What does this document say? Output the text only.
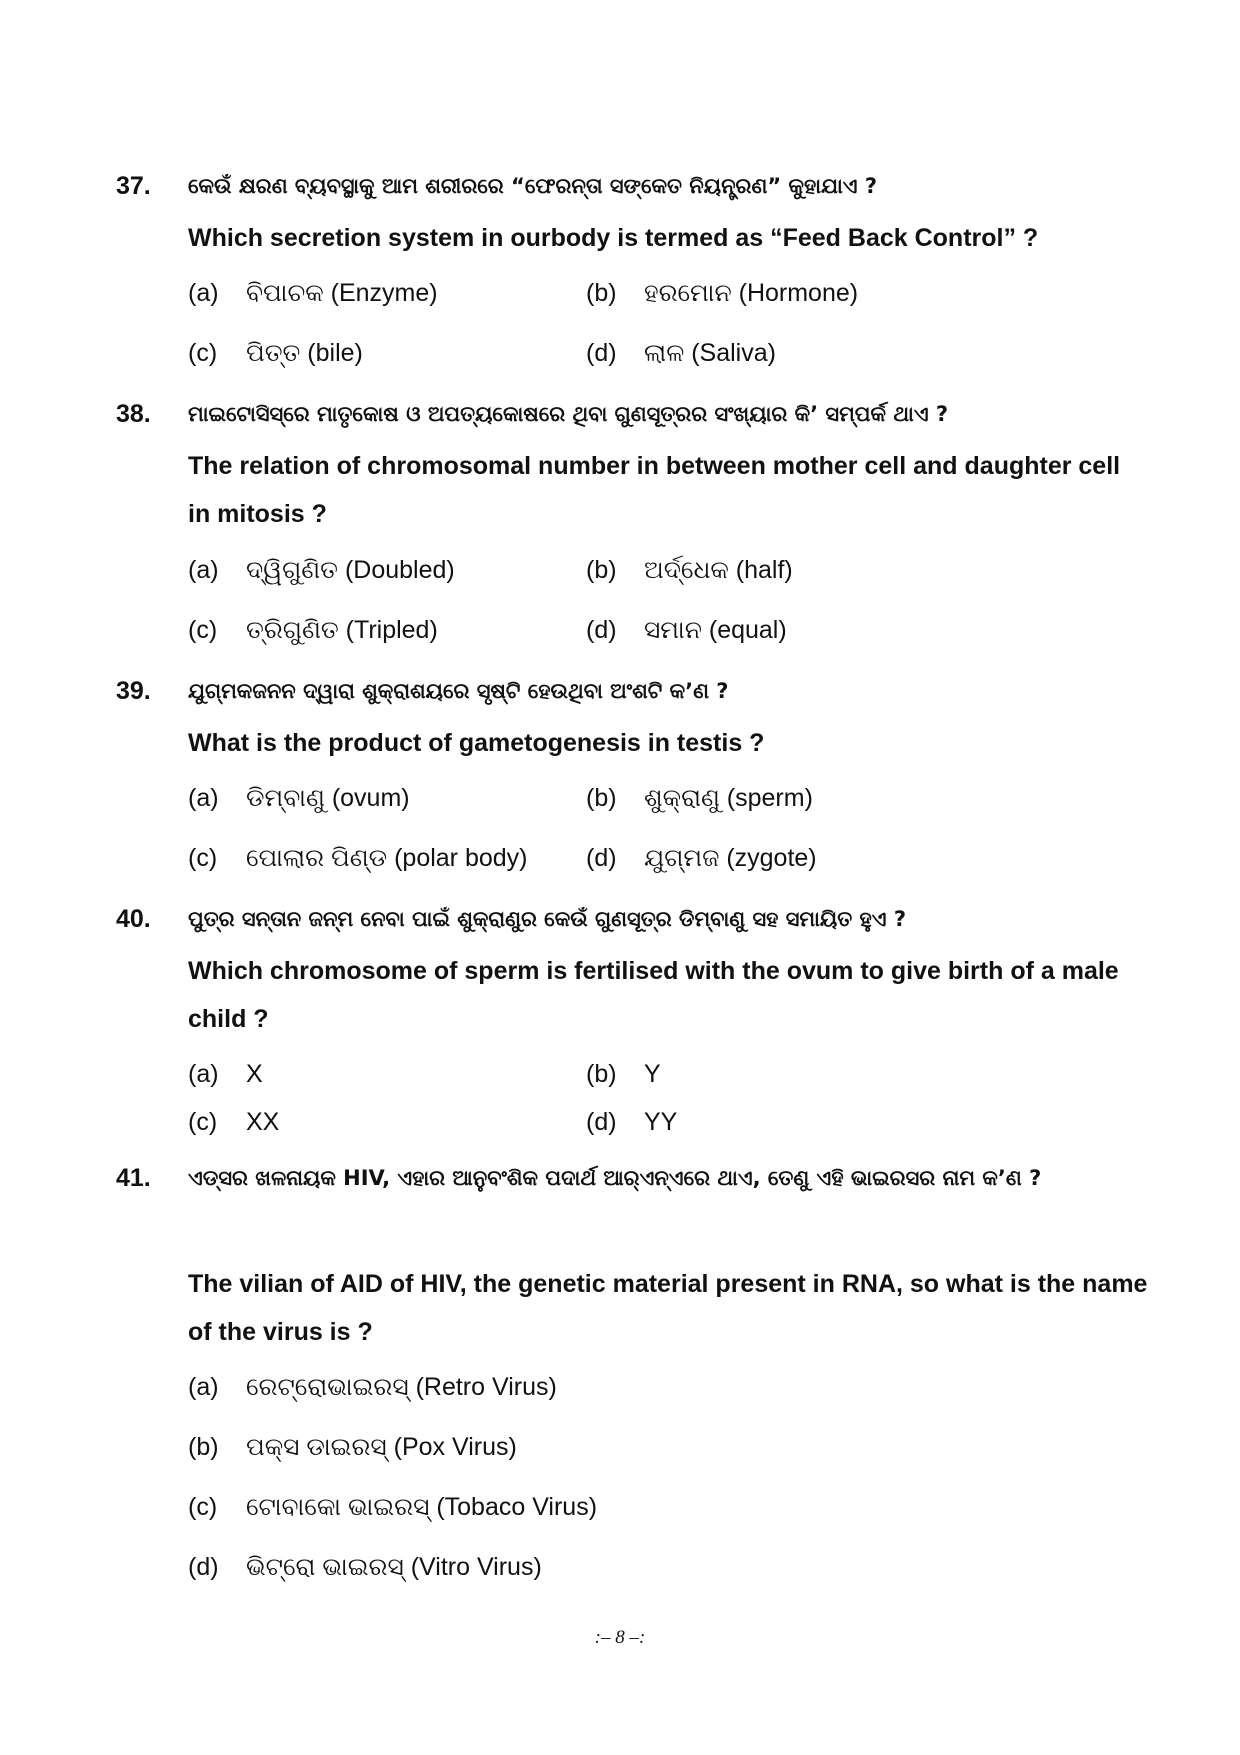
37. କେଉଁ କ୍ଷରଣ ବ୍ୟବସ୍ଥାକୁ ଆମ ଶରୀରରେ “ଫେରନ୍ତା ସଙ୍କେତ ନିୟନ୍ତ୍ରଣ” କୁହାଯାଏ ?
Which secretion system in ourbody is termed as “Feed Back Control” ?
(a) ବିପାଚକ (Enzyme)	(b) ହରମୋନ (Hormone)
(c) ପିତ୍ତ (bile)	(d) ଲାଳ (Saliva)
38. ମାଇଟୋସିସ୍‌ରେ ମାତୃକୋଷ ଓ ଅପତ୍ୟକୋଷରେ ଥିବା ଗୁଣସୂତ୍ରର ସଂଖ୍ୟାର କି’ ସମ୍ପର୍କ ଥାଏ ?
The relation of chromosomal number in between mother cell and daughter cell in mitosis ?
(a) ଦ୍ୱିଗୁଣିତ (Doubled)	(b) ଅର୍ଦ୍ଧେକ (half)
(c) ତ୍ରିଗୁଣିତ (Tripled)	(d) ସମାନ (equal)
39. ଯୁଗ୍ମକଜନନ ଦ୍ୱାରା ଶୁକ୍ରାଶୟରେ ସୃଷ୍ଟି ହେଉଥିବା ଅଂଶଟି କ’ଣ ?
What is the product of gametogenesis in testis ?
(a) ଡିମ୍ବାଣୁ (ovum)	(b) ଶୁକ୍ରାଣୁ (sperm)
(c) ପୋଲାର ପିଣ୍ଡ (polar body) (d) ଯୁଗ୍ମଜ (zygote)
40. ପୁତ୍ର ସନ୍ତାନ ଜନ୍ମ ନେବା ପାଇଁ ଶୁକ୍ରାଣୁର କେଉଁ ଗୁଣସୂତ୍ର ଡିମ୍ବାଣୁ ସହ ସମାୟିତ ହୁଏ ?
Which chromosome of sperm is fertilised with the ovum to give birth of a male child ?
(a) X	(b) Y
(c) XX	(d) YY
41. ଏଡ୍‌ସର ଖଳନାୟକ HIV, ଏହାର ଆନୁବଂଶିକ ପଦାର୍ଥ ଆର୍‌ଏନ୍‌ଏରେ ଥାଏ, ତେଣୁ ଏହି ଭାଇରସର ନାମ କ’ଣ ?
The vilian of AID of HIV, the genetic material present in RNA, so what is the name of the virus is ?
(a) ରେଟ୍ରୋଭାଇରସ୍ (Retro Virus)
(b) ପକ୍ସ ଡାଇରସ୍ (Pox Virus)
(c) ଟୋବାକୋ ଭାଇରସ୍ (Tobaco Virus)
(d) ଭିଟ୍ରୋ ଭାଇରସ୍ (Vitro Virus)
:– 8 –:
